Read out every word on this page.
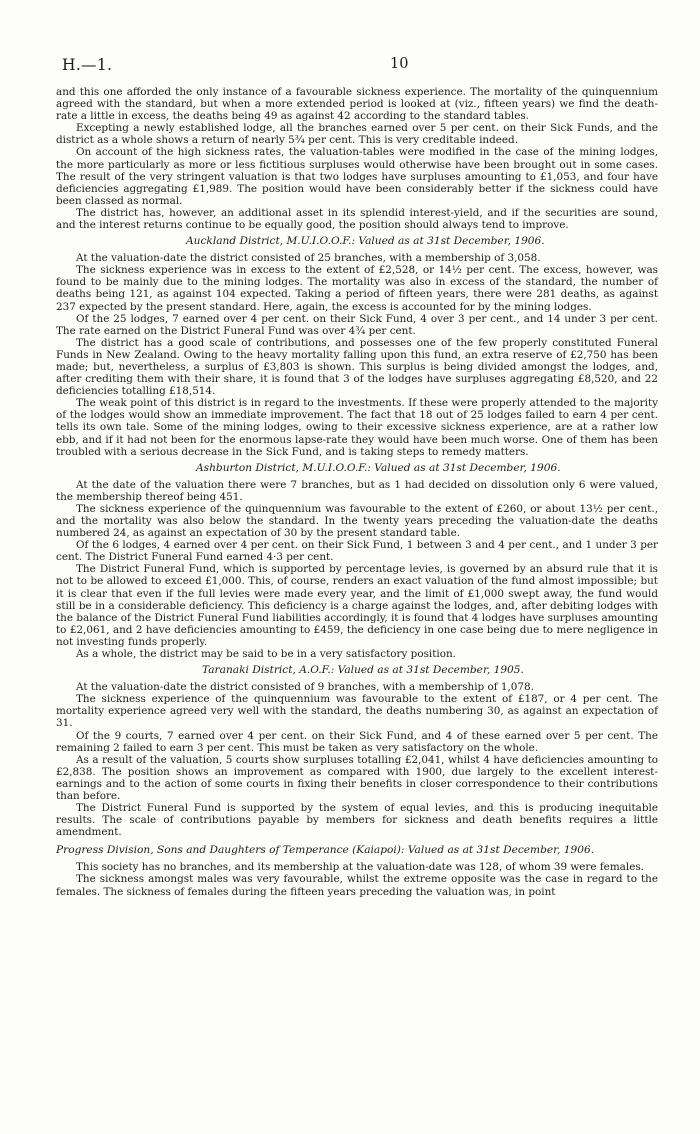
H.—1.	10

and this one afforded the only instance of a favourable sickness experience. The mortality of the quinquennium agreed with the standard, but when a more extended period is looked at (viz., fifteen years) we find the death-rate a little in excess, the deaths being 49 as against 42 according to the standard tables.

Excepting a newly established lodge, all the branches earned over 5 per cent. on their Sick Funds, and the district as a whole shows a return of nearly 5¾ per cent. This is very creditable indeed.

On account of the high sickness rates, the valuation-tables were modified in the case of the mining lodges, the more particularly as more or less fictitious surpluses would otherwise have been brought out in some cases. The result of the very stringent valuation is that two lodges have surpluses amounting to £1,053, and four have deficiencies aggregating £1,989. The position would have been considerably better if the sickness could have been classed as normal.

The district has, however, an additional asset in its splendid interest-yield, and if the securities are sound, and the interest returns continue to be equally good, the position should always tend to improve.

Auckland District, M.U.I.O.O.F.: Valued as at 31st December, 1906.

At the valuation-date the district consisted of 25 branches, with a membership of 3,058.

The sickness experience was in excess to the extent of £2,528, or 14½ per cent. The excess, however, was found to be mainly due to the mining lodges. The mortality was also in excess of the standard, the number of deaths being 121, as against 104 expected. Taking a period of fifteen years, there were 281 deaths, as against 237 expected by the present standard. Here, again, the excess is accounted for by the mining lodges.

Of the 25 lodges, 7 earned over 4 per cent. on their Sick Fund, 4 over 3 per cent., and 14 under 3 per cent. The rate earned on the District Funeral Fund was over 4¾ per cent.

The district has a good scale of contributions, and possesses one of the few properly constituted Funeral Funds in New Zealand. Owing to the heavy mortality falling upon this fund, an extra reserve of £2,750 has been made; but, nevertheless, a surplus of £3,803 is shown. This surplus is being divided amongst the lodges, and, after crediting them with their share, it is found that 3 of the lodges have surpluses aggregating £8,520, and 22 deficiencies totalling £18,514.

The weak point of this district is in regard to the investments. If these were properly attended to the majority of the lodges would show an immediate improvement. The fact that 18 out of 25 lodges failed to earn 4 per cent. tells its own tale. Some of the mining lodges, owing to their excessive sickness experience, are at a rather low ebb, and if it had not been for the enormous lapse-rate they would have been much worse. One of them has been troubled with a serious decrease in the Sick Fund, and is taking steps to remedy matters.

Ashburton District, M.U.I.O.O.F.: Valued as at 31st December, 1906.

At the date of the valuation there were 7 branches, but as 1 had decided on dissolution only 6 were valued, the membership thereof being 451.

The sickness experience of the quinquennium was favourable to the extent of £260, or about 13½ per cent., and the mortality was also below the standard. In the twenty years preceding the valuation-date the deaths numbered 24, as against an expectation of 30 by the present standard table.

Of the 6 lodges, 4 earned over 4 per cent. on their Sick Fund, 1 between 3 and 4 per cent., and 1 under 3 per cent. The District Funeral Fund earned 4·3 per cent.

The District Funeral Fund, which is supported by percentage levies, is governed by an absurd rule that it is not to be allowed to exceed £1,000. This, of course, renders an exact valuation of the fund almost impossible; but it is clear that even if the full levies were made every year, and the limit of £1,000 swept away, the fund would still be in a considerable deficiency. This deficiency is a charge against the lodges, and, after debiting lodges with the balance of the District Funeral Fund liabilities accordingly, it is found that 4 lodges have surpluses amounting to £2,061, and 2 have deficiencies amounting to £459, the deficiency in one case being due to mere negligence in not investing funds properly.

As a whole, the district may be said to be in a very satisfactory position.

Taranaki District, A.O.F.: Valued as at 31st December, 1905.

At the valuation-date the district consisted of 9 branches, with a membership of 1,078.

The sickness experience of the quinquennium was favourable to the extent of £187, or 4 per cent. The mortality experience agreed very well with the standard, the deaths numbering 30, as against an expectation of 31.

Of the 9 courts, 7 earned over 4 per cent. on their Sick Fund, and 4 of these earned over 5 per cent. The remaining 2 failed to earn 3 per cent. This must be taken as very satisfactory on the whole.

As a result of the valuation, 5 courts show surpluses totalling £2,041, whilst 4 have deficiencies amounting to £2,838. The position shows an improvement as compared with 1900, due largely to the excellent interest-earnings and to the action of some courts in fixing their benefits in closer correspondence to their contributions than before.

The District Funeral Fund is supported by the system of equal levies, and this is producing inequitable results. The scale of contributions payable by members for sickness and death benefits requires a little amendment.

Progress Division, Sons and Daughters of Temperance (Kaiapoi): Valued as at 31st December, 1906.

This society has no branches, and its membership at the valuation-date was 128, of whom 39 were females.

The sickness amongst males was very favourable, whilst the extreme opposite was the case in regard to the females. The sickness of females during the fifteen years preceding the valuation was, in point
